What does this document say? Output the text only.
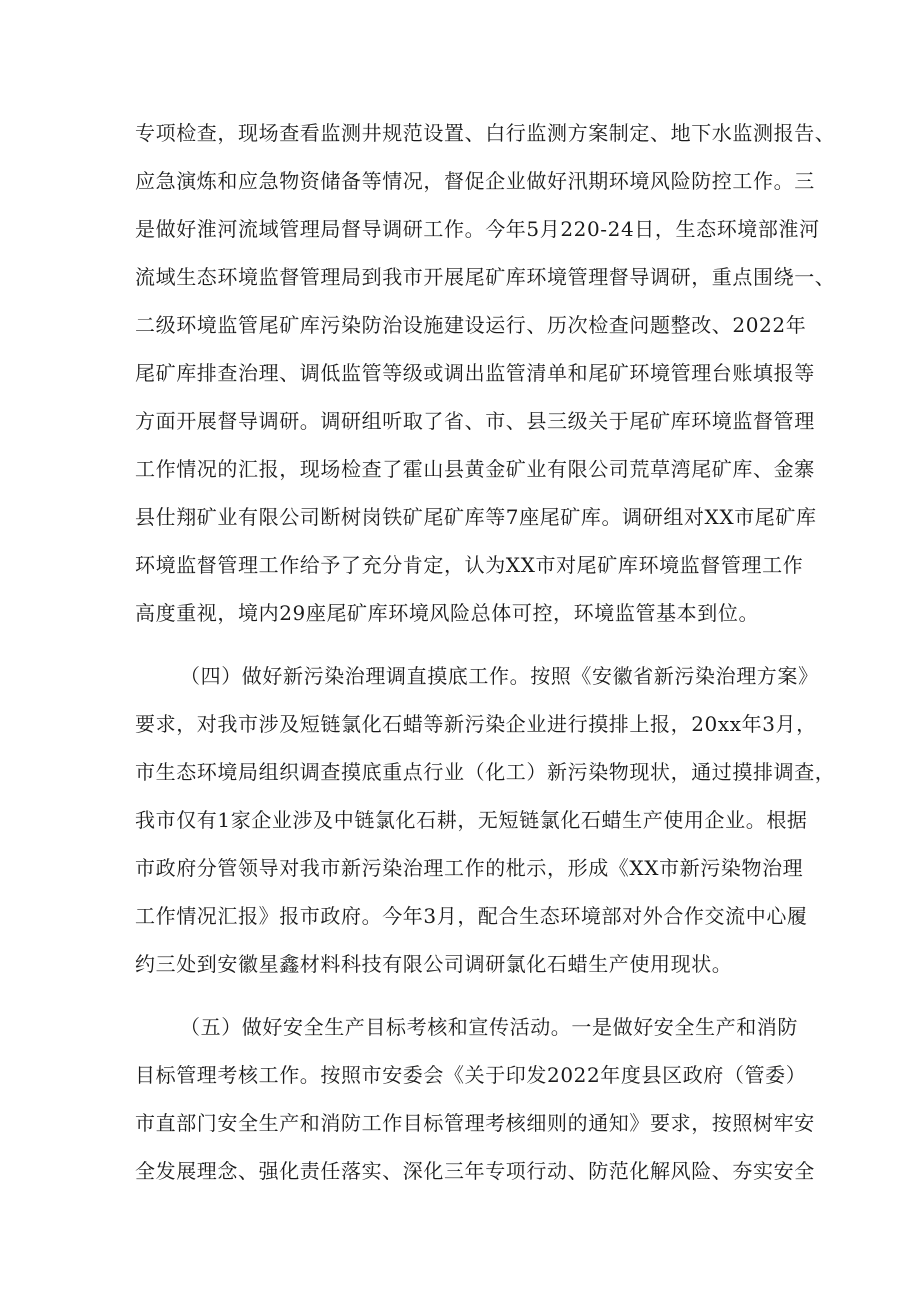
专项检查，现场查看监测井规范设置、白行监测方案制定、地下水监测报告、
应急演炼和应急物资储备等情况，督促企业做好汛期环境风险防控工作。三
是做好淮河流域管理局督导调研工作。今年5月220-24日，生态环境部淮河
流域生态环境监督管理局到我市开展尾矿库环境管理督导调研，重点围绕一、
二级环境监管尾矿库污染防治设施建设运行、历次检查问题整改、2022年
尾矿库排查治理、调低监管等级或调出监管清单和尾矿环境管理台账填报等
方面开展督导调研。调研组听取了省、市、县三级关于尾矿库环境监督管理
工作情况的汇报，现场检查了霍山县黄金矿业有限公司荒草湾尾矿库、金寨
县仕翔矿业有限公司断树岗铁矿尾矿库等7座尾矿库。调研组对XX市尾矿库
环境监督管理工作给予了充分肯定，认为XX市对尾矿库环境监督管理工作
高度重视，境内29座尾矿库环境风险总体可控，环境监管基本到位。
（四）做好新污染治理调直摸底工作。按照《安徽省新污染治理方案》
要求，对我市涉及短链氯化石蜡等新污染企业进行摸排上报，20xx年3月，
市生态环境局组织调查摸底重点行业（化工）新污染物现状，通过摸排调查，
我市仅有1家企业涉及中链氯化石耕，无短链氯化石蜡生产使用企业。根据
市政府分管领导对我市新污染治理工作的枇示，形成《XX市新污染物治理
工作情况汇报》报市政府。今年3月，配合生态环境部对外合作交流中心履
约三处到安徽星鑫材料科技有限公司调研氯化石蜡生产使用现状。
（五）做好安全生产目标考核和宣传活动。一是做好安全生产和消防
目标管理考核工作。按照市安委会《关于印发2022年度县区政府（管委）
市直部门安全生产和消防工作目标管理考核细则的通知》要求，按照树牢安
全发展理念、强化责任落实、深化三年专项行动、防范化解风险、夯实安全
